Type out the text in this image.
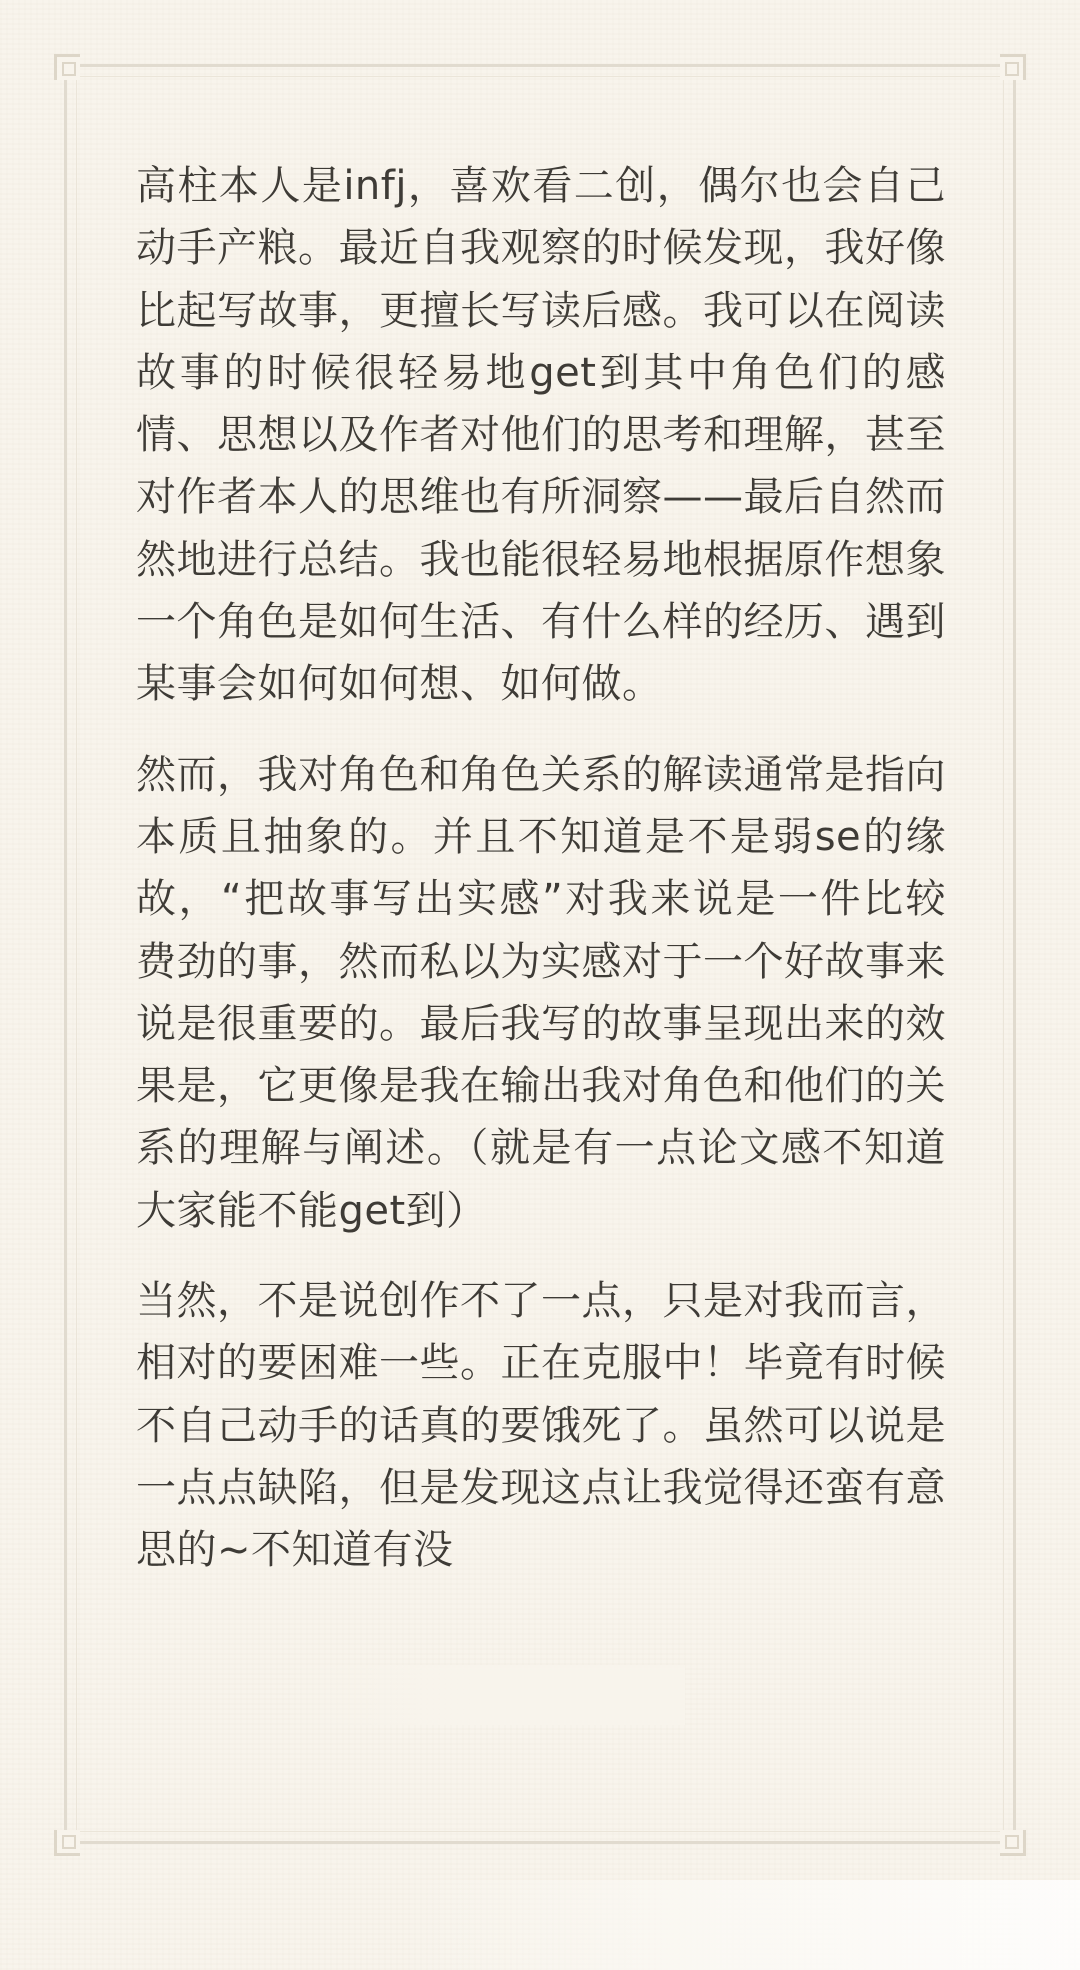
高柱本人是infj，喜欢看二创，偶尔也会自己动手产粮。最近自我观察的时候发现，我好像比起写故事，更擅长写读后感。我可以在阅读故事的时候很轻易地get到其中角色们的感情、思想以及作者对他们的思考和理解，甚至对作者本人的思维也有所洞察——最后自然而然地进行总结。我也能很轻易地根据原作想象一个角色是如何生活、有什么样的经历、遇到某事会如何如何想、如何做。

然而，我对角色和角色关系的解读通常是指向本质且抽象的。并且不知道是不是弱se的缘故，“把故事写出实感”对我来说是一件比较费劲的事，然而私以为实感对于一个好故事来说是很重要的。最后我写的故事呈现出来的效果是，它更像是我在输出我对角色和他们的关系的理解与阐述。（就是有一点论文感不知道大家能不能get到）

当然，不是说创作不了一点，只是对我而言，相对的要困难一些。正在克服中！毕竟有时候不自己动手的话真的要饿死了。虽然可以说是一点点缺陷，但是发现这点让我觉得还蛮有意思的~不知道有没
